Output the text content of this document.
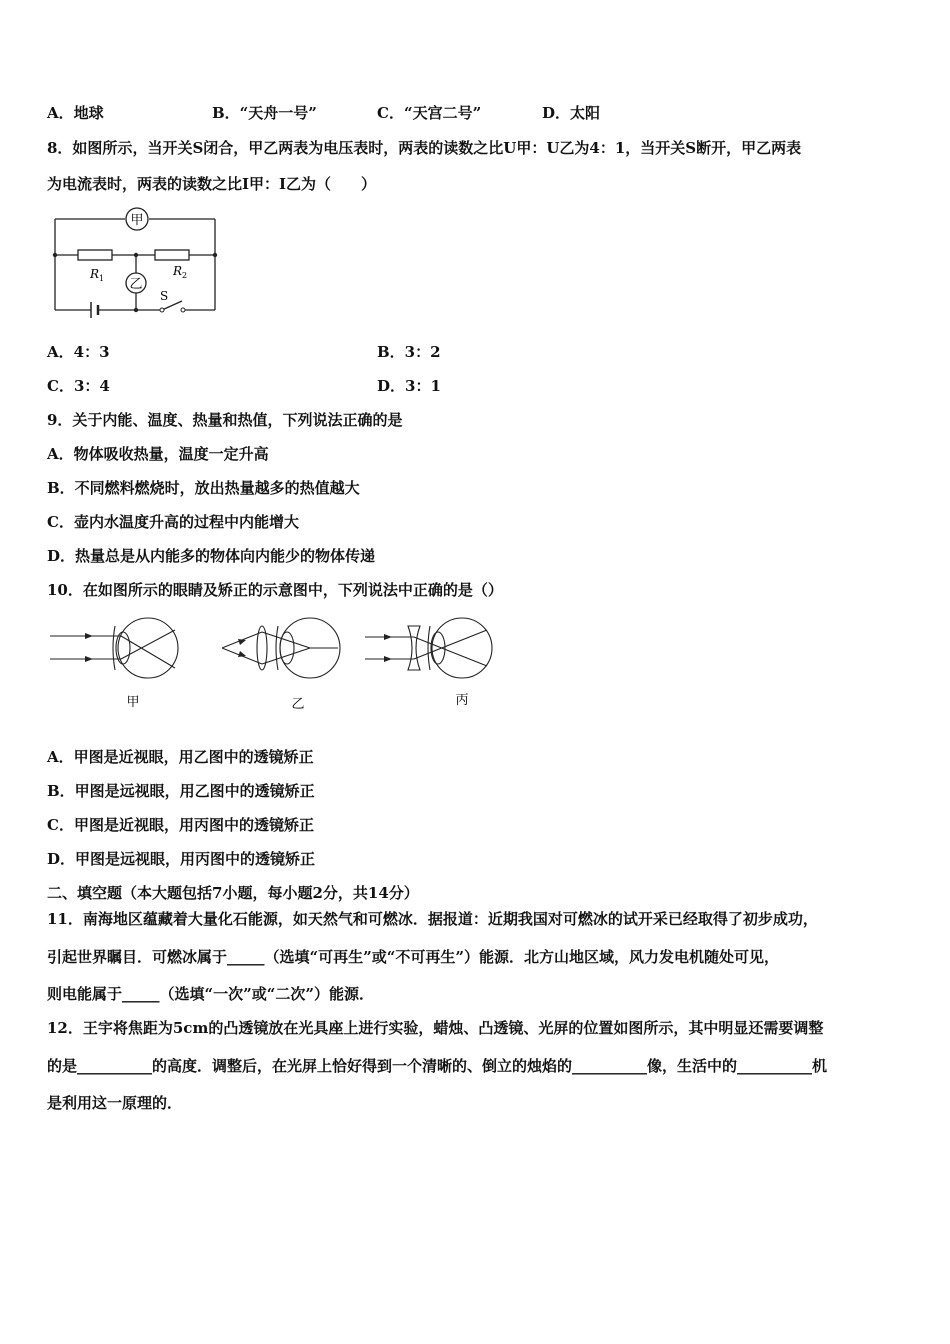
A．地球	B．“天舟一号”	C．“天宫二号”	D．太阳
8．如图所示，当开关S闭合，甲乙两表为电压表时，两表的读数之比U甲：U乙为4：1，当开关S断开，甲乙两表
为电流表时，两表的读数之比I甲：I乙为（　　）
甲
乙
R 1
R 2
S
A．4：3	B．3：2
C．3：4	D．3：1
9．关于内能、温度、热量和热值，下列说法正确的是
A．物体吸收热量，温度一定升高
B．不同燃料燃烧时，放出热量越多的热值越大
C．壶内水温度升高的过程中内能增大
D．热量总是从内能多的物体向内能少的物体传递
10．在如图所示的眼睛及矫正的示意图中，下列说法中正确的是（）
甲	乙	丙
A．甲图是近视眼，用乙图中的透镜矫正
B．甲图是远视眼，用乙图中的透镜矫正
C．甲图是近视眼，用丙图中的透镜矫正
D．甲图是远视眼，用丙图中的透镜矫正
二、填空题（本大题包括7小题，每小题2分，共14分）
11．南海地区蕴藏着大量化石能源，如天然气和可燃冰．据报道：近期我国对可燃冰的试开采已经取得了初步成功，
引起世界瞩目．可燃冰属于_____（选填“可再生”或“不可再生”）能源．北方山地区域，风力发电机随处可见，
则电能属于_____（选填“一次”或“二次”）能源．
12．王宇将焦距为5cm的凸透镜放在光具座上进行实验，蜡烛、凸透镜、光屏的位置如图所示，其中明显还需要调整
的是__________的高度．调整后，在光屏上恰好得到一个清晰的、倒立的烛焰的__________像，生活中的__________机
是利用这一原理的．
